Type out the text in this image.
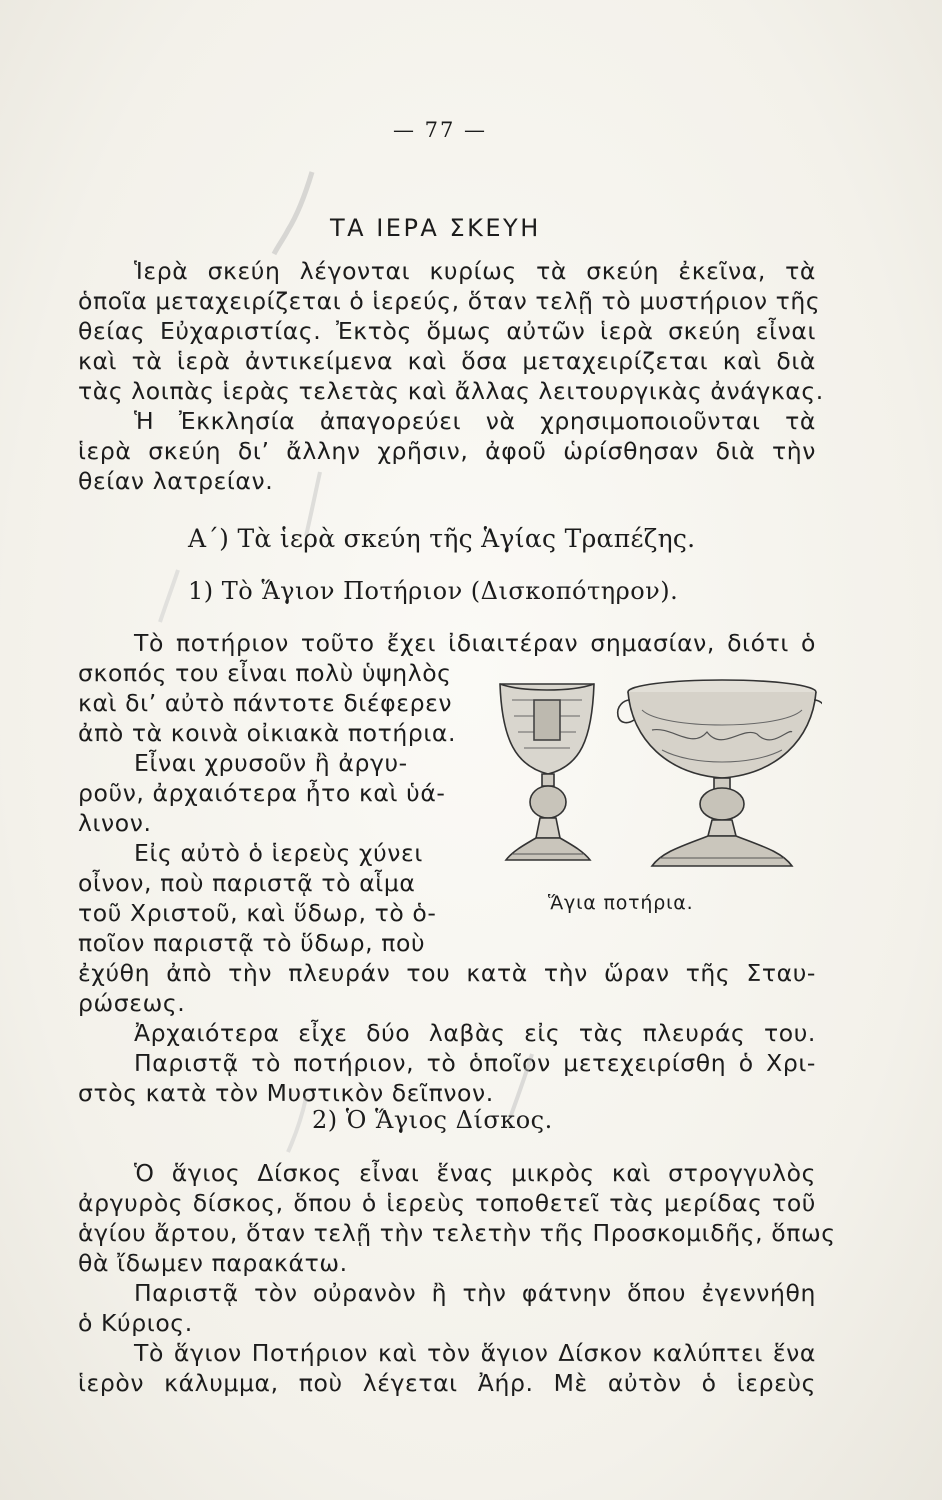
— 77 —
ΤΑ ΙΕΡΑ ΣΚΕΥΗ
Ἱερὰ σκεύη λέγονται κυρίως τὰ σκεύη ἐκεῖνα, τὰ
ὁποῖα μεταχειρίζεται ὁ ἱερεύς, ὅταν τελῇ τὸ μυστήριον τῆς
θείας Εὐχαριστίας. Ἐκτὸς ὅμως αὐτῶν ἱερὰ σκεύη εἶναι
καὶ τὰ ἱερὰ ἀντικείμενα καὶ ὅσα μεταχειρίζεται καὶ διὰ
τὰς λοιπὰς ἱερὰς τελετὰς καὶ ἄλλας λειτουργικὰς ἀνάγκας.
Ἡ Ἐκκλησία ἀπαγορεύει νὰ χρησιμοποιοῦνται τὰ
ἱερὰ σκεύη δι’ ἄλλην χρῆσιν, ἀφοῦ ὡρίσθησαν διὰ τὴν
θείαν λατρείαν.
Α΄) Τὰ ἱερὰ σκεύη τῆς Ἁγίας Τραπέζης.
1) Τὸ Ἅγιον Ποτήριον (Δισκοπότηρον).
Τὸ ποτήριον τοῦτο ἔχει ἰδιαιτέραν σημασίαν, διότι ὁ
σκοπός του εἶναι πολὺ ὑψηλὸς
καὶ δι’ αὐτὸ πάντοτε διέφερεν
ἀπὸ τὰ κοινὰ οἰκιακὰ ποτήρια.
Εἶναι χρυσοῦν ἢ ἀργυ-
ροῦν, ἀρχαιότερα ἦτο καὶ ὑά-
λινον.
Εἰς αὐτὸ ὁ ἱερεὺς χύνει
οἶνον, ποὺ παριστᾷ τὸ αἷμα
τοῦ Χριστοῦ, καὶ ὕδωρ, τὸ ὁ-
ποῖον παριστᾷ τὸ ὕδωρ, ποὺ
ἐχύθη ἀπὸ τὴν πλευράν του κατὰ τὴν ὥραν τῆς Σταυ-
ρώσεως.
Ἀρχαιότερα εἶχε δύο λαβὰς εἰς τὰς πλευράς του.
Παριστᾷ τὸ ποτήριον, τὸ ὁποῖον μετεχειρίσθη ὁ Χρι-
στὸς κατὰ τὸν Μυστικὸν δεῖπνον.
Ἅγια ποτήρια.
2) Ὁ Ἅγιος Δίσκος.
Ὁ ἅγιος Δίσκος εἶναι ἕνας μικρὸς καὶ στρογγυλὸς
ἀργυρὸς δίσκος, ὅπου ὁ ἱερεὺς τοποθετεῖ τὰς μερίδας τοῦ
ἁγίου ἄρτου, ὅταν τελῇ τὴν τελετὴν τῆς Προσκομιδῆς, ὅπως
θὰ ἴδωμεν παρακάτω.
Παριστᾷ τὸν οὐρανὸν ἢ τὴν φάτνην ὅπου ἐγεννήθη
ὁ Κύριος.
Τὸ ἅγιον Ποτήριον καὶ τὸν ἅγιον Δίσκον καλύπτει ἕνα
ἱερὸν κάλυμμα, ποὺ λέγεται Ἀήρ. Μὲ αὐτὸν ὁ ἱερεὺς
